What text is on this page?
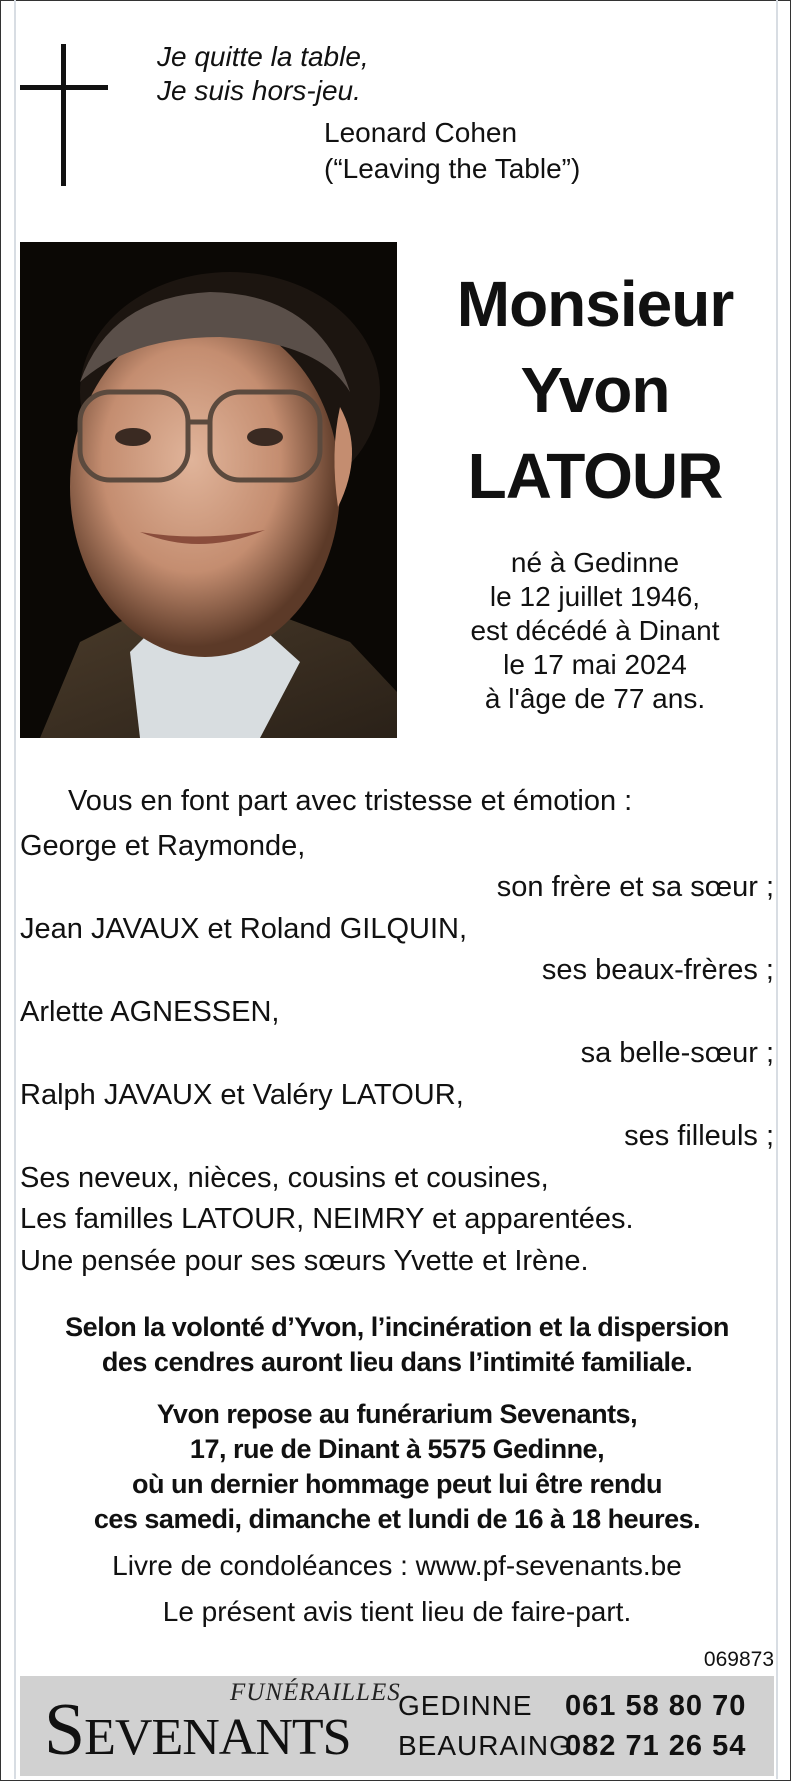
Je quitte la table,
Je suis hors-jeu.
Leonard Cohen
(“Leaving the Table”)
Monsieur
Yvon
LATOUR
né à Gedinne
le 12 juillet 1946,
est décédé à Dinant
le 17 mai 2024
à l'âge de 77 ans.
Vous en font part avec tristesse et émotion :
George et Raymonde,
son frère et sa sœur ;
Jean JAVAUX et Roland GILQUIN,
ses beaux-frères ;
Arlette AGNESSEN,
sa belle-sœur ;
Ralph JAVAUX et Valéry LATOUR,
ses filleuls ;
Ses neveux, nièces, cousins et cousines,
Les familles LATOUR, NEIMRY et apparentées.
Une pensée pour ses sœurs Yvette et Irène.
Selon la volonté d’Yvon, l’incinération et la dispersion
des cendres auront lieu dans l’intimité familiale.
Yvon repose au funérarium Sevenants,
17, rue de Dinant à 5575 Gedinne,
où un dernier hommage peut lui être rendu
ces samedi, dimanche et lundi de 16 à 18 heures.
Livre de condoléances : www.pf-sevenants.be
Le présent avis tient lieu de faire-part.
069873
FUNÉRAILLES
SEVENANTS
GEDINNE 061 58 80 70
BEAURAING
082 71 26 54
